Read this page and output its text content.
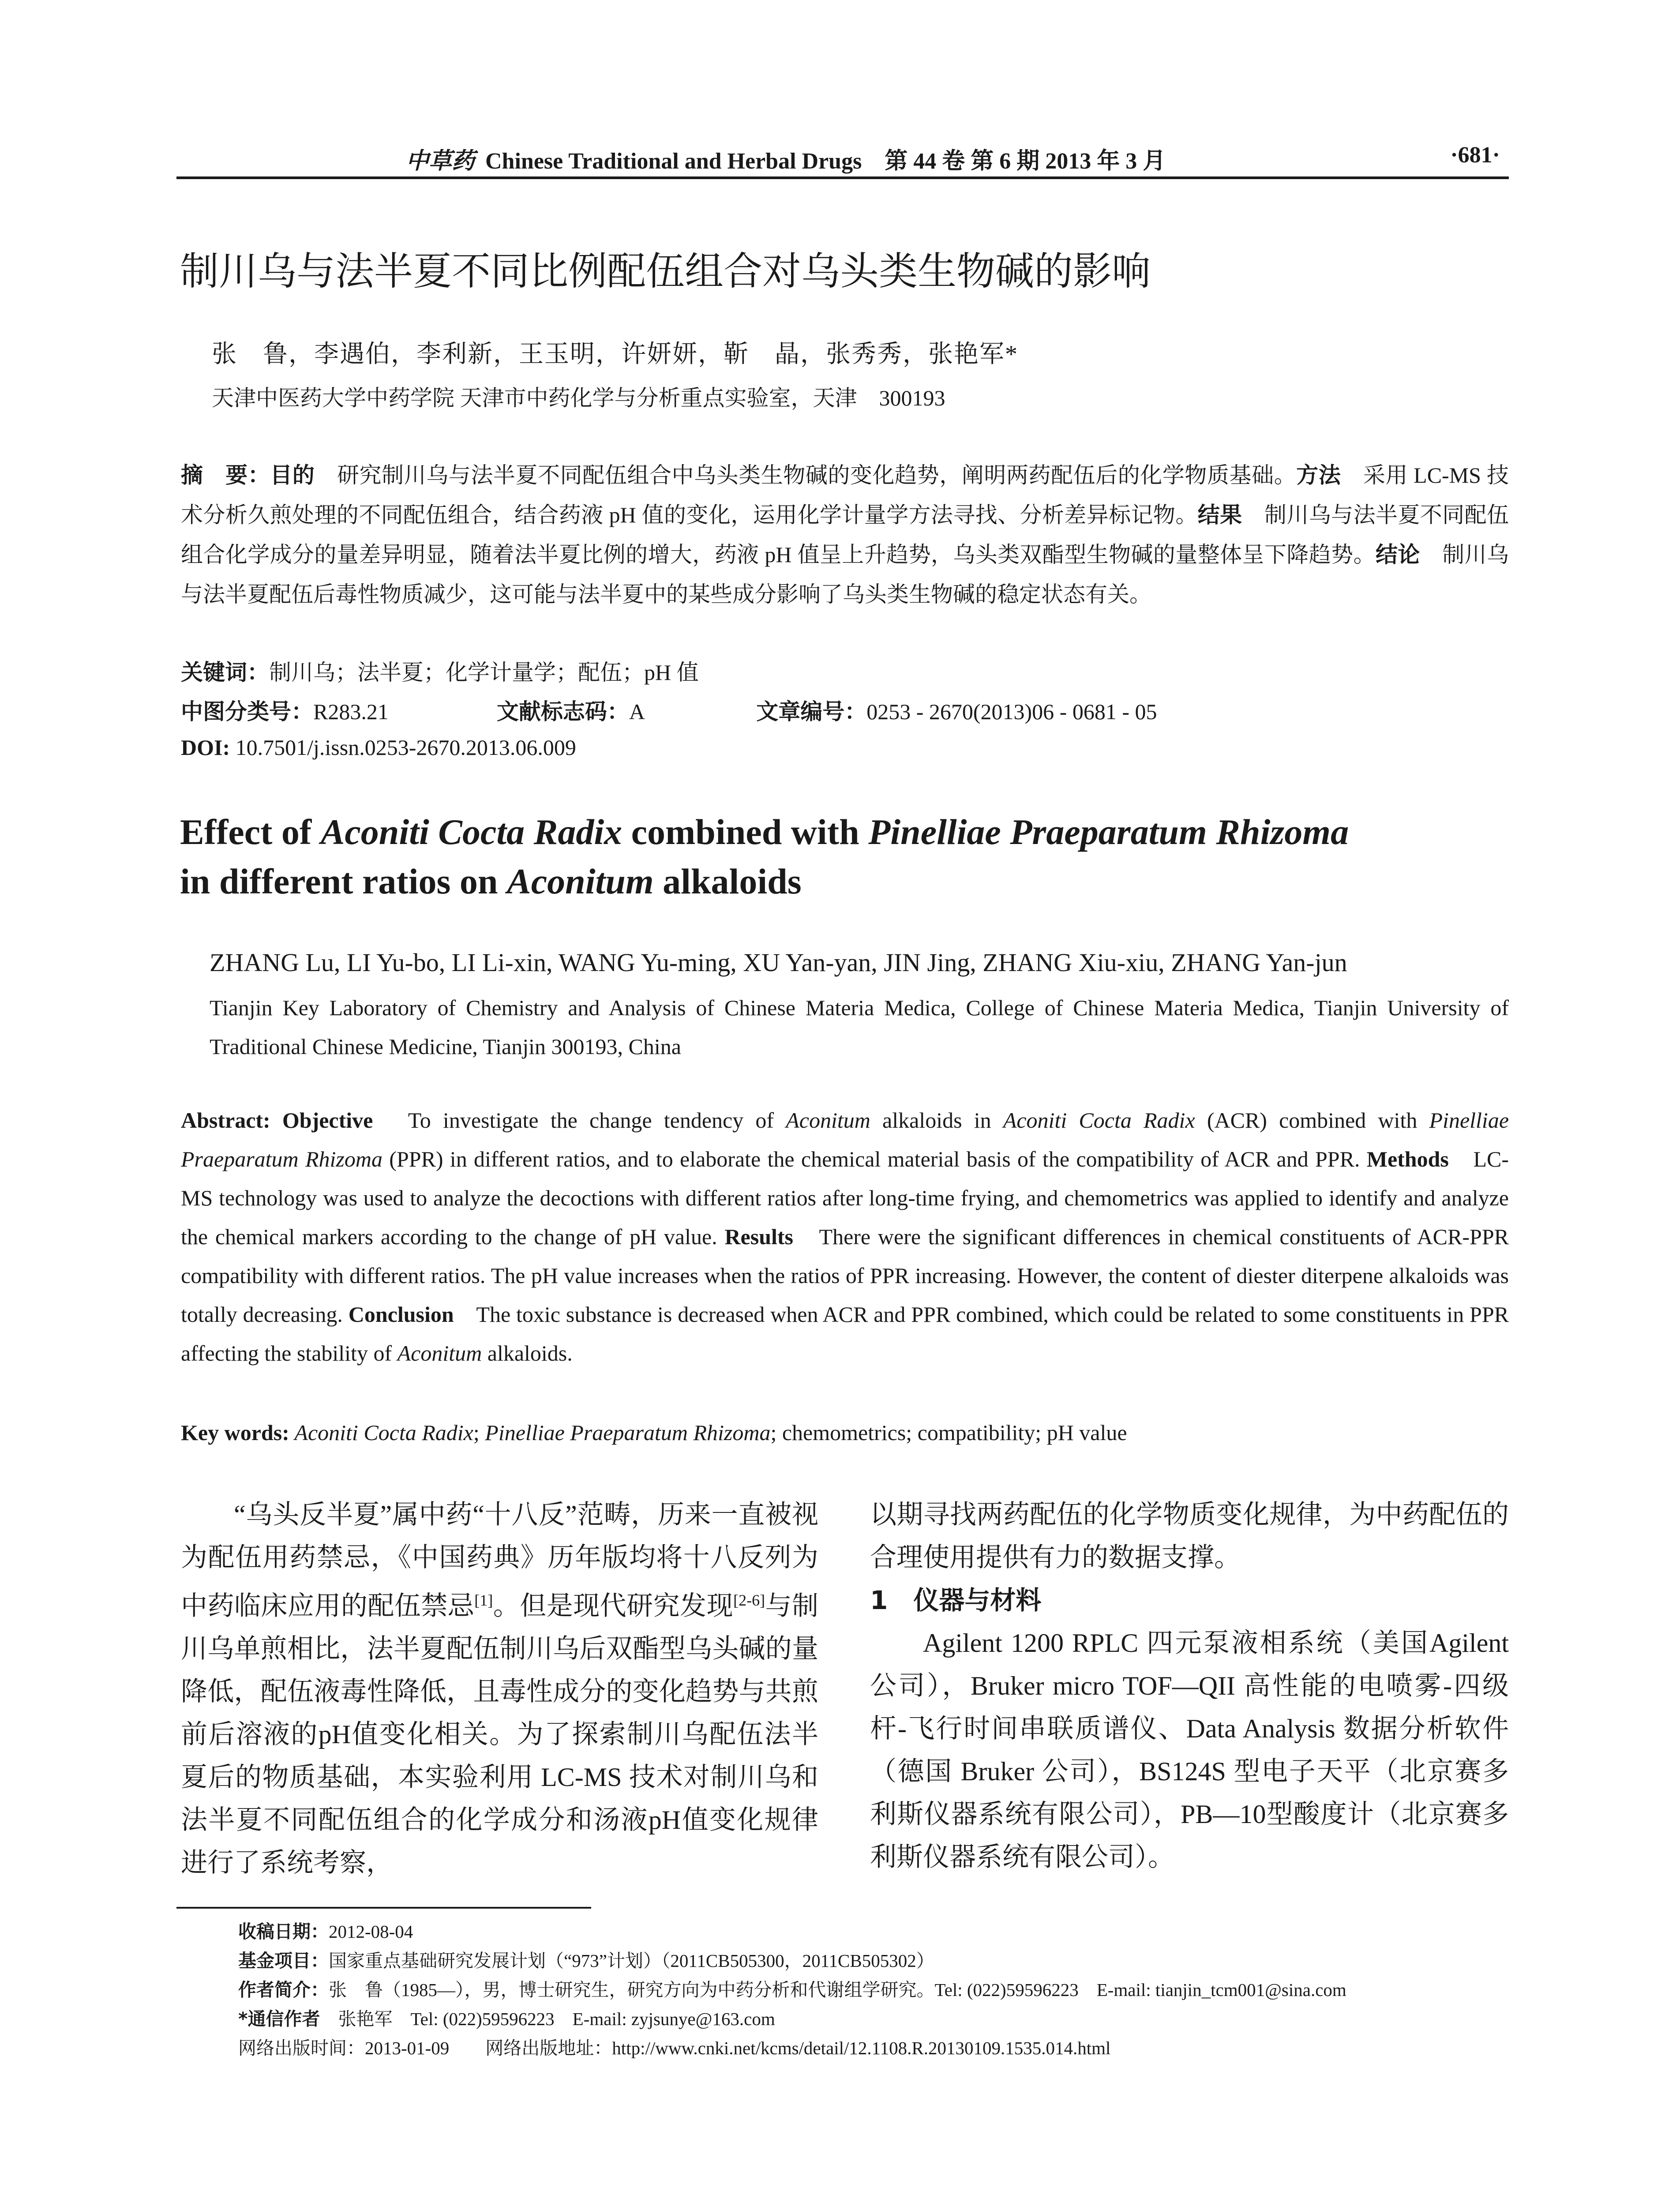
中草药 Chinese Traditional and Herbal Drugs　第 44 卷 第 6 期 2013 年 3 月	·681·
制川乌与法半夏不同比例配伍组合对乌头类生物碱的影响
张　鲁，李遇伯，李利新，王玉明，许妍妍，靳　晶，张秀秀，张艳军*
天津中医药大学中药学院 天津市中药化学与分析重点实验室，天津　300193
摘　要：目的　研究制川乌与法半夏不同配伍组合中乌头类生物碱的变化趋势，阐明两药配伍后的化学物质基础。方法　采用 LC-MS 技术分析久煎处理的不同配伍组合，结合药液 pH 值的变化，运用化学计量学方法寻找、分析差异标记物。结果　制川乌与法半夏不同配伍组合化学成分的量差异明显，随着法半夏比例的增大，药液 pH 值呈上升趋势，乌头类双酯型生物碱的量整体呈下降趋势。结论　制川乌与法半夏配伍后毒性物质减少，这可能与法半夏中的某些成分影响了乌头类生物碱的稳定状态有关。
关键词：制川乌；法半夏；化学计量学；配伍；pH 值
中图分类号：R283.21	文献标志码：A	文章编号：0253 - 2670(2013)06 - 0681 - 05
DOI: 10.7501/j.issn.0253-2670.2013.06.009
Effect of Aconiti Cocta Radix combined with Pinelliae Praeparatum Rhizoma
in different ratios on Aconitum alkaloids
ZHANG Lu, LI Yu-bo, LI Li-xin, WANG Yu-ming, XU Yan-yan, JIN Jing, ZHANG Xiu-xiu, ZHANG Yan-jun
Tianjin Key Laboratory of Chemistry and Analysis of Chinese Materia Medica, College of Chinese Materia Medica, Tianjin University of Traditional Chinese Medicine, Tianjin 300193, China
Abstract: Objective　To investigate the change tendency of Aconitum alkaloids in Aconiti Cocta Radix (ACR) combined with Pinelliae Praeparatum Rhizoma (PPR) in different ratios, and to elaborate the chemical material basis of the compatibility of ACR and PPR. Methods　LC-MS technology was used to analyze the decoctions with different ratios after long-time frying, and chemometrics was applied to identify and analyze the chemical markers according to the change of pH value. Results　There were the significant differences in chemical constituents of ACR-PPR compatibility with different ratios. The pH value increases when the ratios of PPR increasing. However, the content of diester diterpene alkaloids was totally decreasing. Conclusion　The toxic substance is decreased when ACR and PPR combined, which could be related to some constituents in PPR affecting the stability of Aconitum alkaloids.
Key words: Aconiti Cocta Radix; Pinelliae Praeparatum Rhizoma; chemometrics; compatibility; pH value

“乌头反半夏”属中药“十八反”范畴，历来一直被视为配伍用药禁忌，《中国药典》历年版均将十八反列为中药临床应用的配伍禁忌[1]。但是现代研究发现[2-6]与制川乌单煎相比，法半夏配伍制川乌后双酯型乌头碱的量降低，配伍液毒性降低，且毒性成分的变化趋势与共煎前后溶液的pH值变化相关。为了探索制川乌配伍法半夏后的物质基础，本实验利用 LC-MS 技术对制川乌和法半夏不同配伍组合的化学成分和汤液pH值变化规律进行了系统考察，

以期寻找两药配伍的化学物质变化规律，为中药配伍的合理使用提供有力的数据支撑。

1　仪器与材料

Agilent 1200 RPLC 四元泵液相系统（美国Agilent 公司），Bruker micro TOF—QII 高性能的电喷雾-四级杆-飞行时间串联质谱仪、Data Analysis 数据分析软件（德国 Bruker 公司），BS124S 型电子天平（北京赛多利斯仪器系统有限公司），PB—10型酸度计（北京赛多利斯仪器系统有限公司）。

收稿日期：2012-08-04
基金项目：国家重点基础研究发展计划（“973”计划）（2011CB505300，2011CB505302）
作者简介：张　鲁（1985—），男，博士研究生，研究方向为中药分析和代谢组学研究。Tel: (022)59596223　E-mail: tianjin_tcm001@sina.com
*通信作者　张艳军　Tel: (022)59596223　E-mail: zyjsunye@163.com
网络出版时间：2013-01-09　　网络出版地址：http://www.cnki.net/kcms/detail/12.1108.R.20130109.1535.014.html
